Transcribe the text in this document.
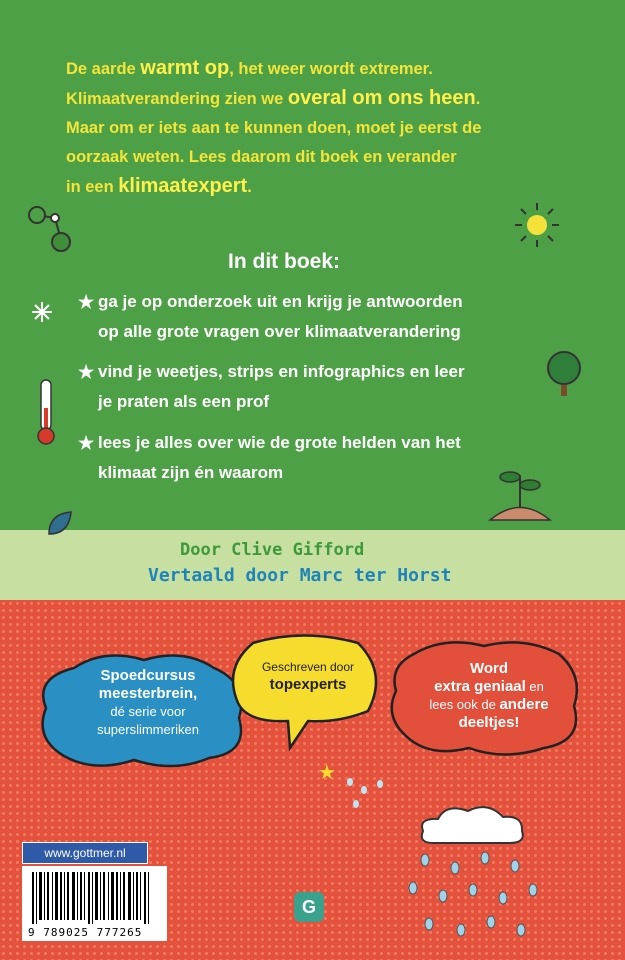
De aarde warmt op, het weer wordt extremer.
Klimaatverandering zien we overal om ons heen.
Maar om er iets aan te kunnen doen, moet je eerst de
oorzaak weten. Lees daarom dit boek en verander
in een klimaatexpert.
In dit boek:
★ ga je op onderzoek uit en krijg je antwoorden
op alle grote vragen over klimaatverandering
★ vind je weetjes, strips en infographics en leer
je praten als een prof
★ lees je alles over wie de grote helden van het
klimaat zijn én waarom
Door Clive Gifford
Vertaald door Marc ter Horst
Spoedcursus
meesterbrein,
dé serie voor
superslimmeriken
Geschreven door
topexperts
Word
extra geniaal en
lees ook de andere
deeltjes!
★
www.gottmer.nl
9 789025 777265
G
